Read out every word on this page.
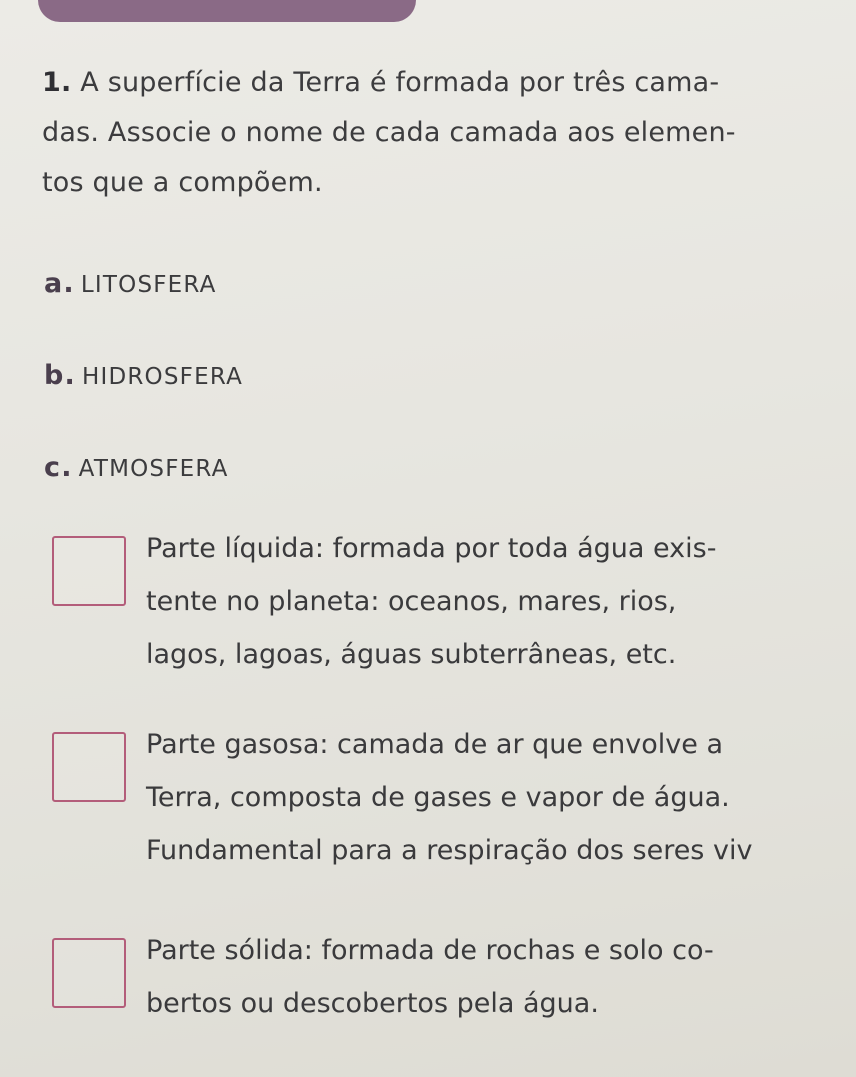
1. A superfície da Terra é formada por três cama-
das. Associe o nome de cada camada aos elemen-
tos que a compõem.
a. LITOSFERA
b. HIDROSFERA
c. ATMOSFERA
Parte líquida: formada por toda água exis-
tente no planeta: oceanos, mares, rios,
lagos, lagoas, águas subterrâneas, etc.
Parte gasosa: camada de ar que envolve a
Terra, composta de gases e vapor de água.
Fundamental para a respiração dos seres viv
Parte sólida: formada de rochas e solo co-
bertos ou descobertos pela água.
